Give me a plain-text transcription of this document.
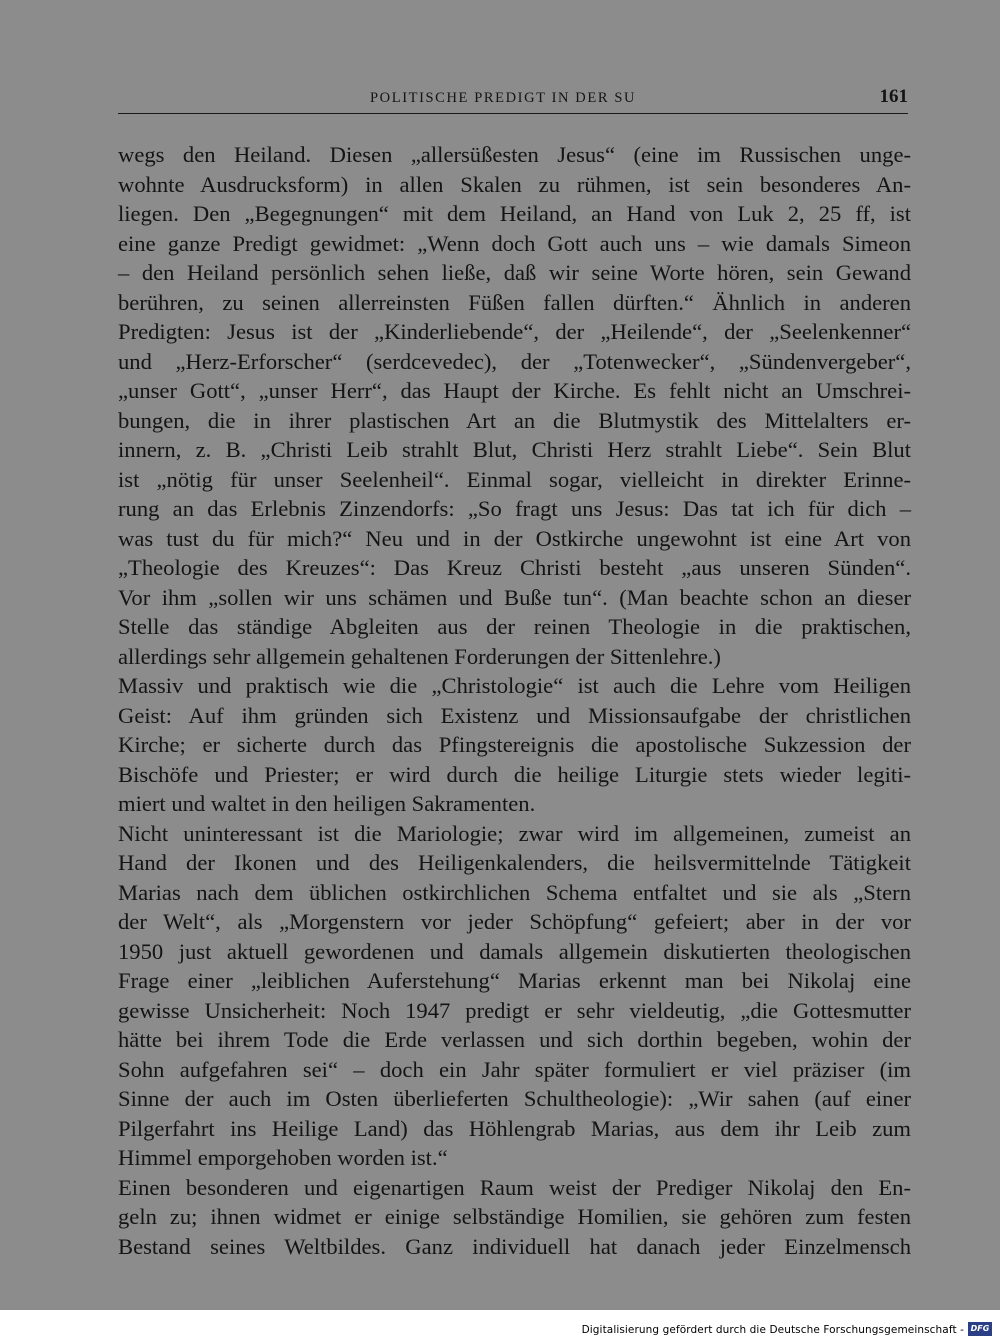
POLITISCHE PREDIGT IN DER SU	161
wegs den Heiland. Diesen „allersüßesten Jesus“ (eine im Russischen unge-
wohnte Ausdrucksform) in allen Skalen zu rühmen, ist sein besonderes An-
liegen. Den „Begegnungen“ mit dem Heiland, an Hand von Luk 2, 25 ff, ist
eine ganze Predigt gewidmet: „Wenn doch Gott auch uns – wie damals Simeon
– den Heiland persönlich sehen ließe, daß wir seine Worte hören, sein Gewand
berühren, zu seinen allerreinsten Füßen fallen dürften.“ Ähnlich in anderen
Predigten: Jesus ist der „Kinderliebende“, der „Heilende“, der „Seelenkenner“
und „Herz-Erforscher“ (serdcevedec), der „Totenwecker“, „Sündenvergeber“,
„unser Gott“, „unser Herr“, das Haupt der Kirche. Es fehlt nicht an Umschrei-
bungen, die in ihrer plastischen Art an die Blutmystik des Mittelalters er-
innern, z. B. „Christi Leib strahlt Blut, Christi Herz strahlt Liebe“. Sein Blut
ist „nötig für unser Seelenheil“. Einmal sogar, vielleicht in direkter Erinne-
rung an das Erlebnis Zinzendorfs: „So fragt uns Jesus: Das tat ich für dich –
was tust du für mich?“ Neu und in der Ostkirche ungewohnt ist eine Art von
„Theologie des Kreuzes“: Das Kreuz Christi besteht „aus unseren Sünden“.
Vor ihm „sollen wir uns schämen und Buße tun“. (Man beachte schon an dieser
Stelle das ständige Abgleiten aus der reinen Theologie in die praktischen,
allerdings sehr allgemein gehaltenen Forderungen der Sittenlehre.)
Massiv und praktisch wie die „Christologie“ ist auch die Lehre vom Heiligen
Geist: Auf ihm gründen sich Existenz und Missionsaufgabe der christlichen
Kirche; er sicherte durch das Pfingstereignis die apostolische Sukzession der
Bischöfe und Priester; er wird durch die heilige Liturgie stets wieder legiti-
miert und waltet in den heiligen Sakramenten.
Nicht uninteressant ist die Mariologie; zwar wird im allgemeinen, zumeist an
Hand der Ikonen und des Heiligenkalenders, die heilsvermittelnde Tätigkeit
Marias nach dem üblichen ostkirchlichen Schema entfaltet und sie als „Stern
der Welt“, als „Morgenstern vor jeder Schöpfung“ gefeiert; aber in der vor
1950 just aktuell gewordenen und damals allgemein diskutierten theologischen
Frage einer „leiblichen Auferstehung“ Marias erkennt man bei Nikolaj eine
gewisse Unsicherheit: Noch 1947 predigt er sehr vieldeutig, „die Gottesmutter
hätte bei ihrem Tode die Erde verlassen und sich dorthin begeben, wohin der
Sohn aufgefahren sei“ – doch ein Jahr später formuliert er viel präziser (im
Sinne der auch im Osten überlieferten Schultheologie): „Wir sahen (auf einer
Pilgerfahrt ins Heilige Land) das Höhlengrab Marias, aus dem ihr Leib zum
Himmel emporgehoben worden ist.“
Einen besonderen und eigenartigen Raum weist der Prediger Nikolaj den En-
geln zu; ihnen widmet er einige selbständige Homilien, sie gehören zum festen
Bestand seines Weltbildes. Ganz individuell hat danach jeder Einzelmensch
Digitalisierung gefördert durch die Deutsche Forschungsgemeinschaft - DFG
